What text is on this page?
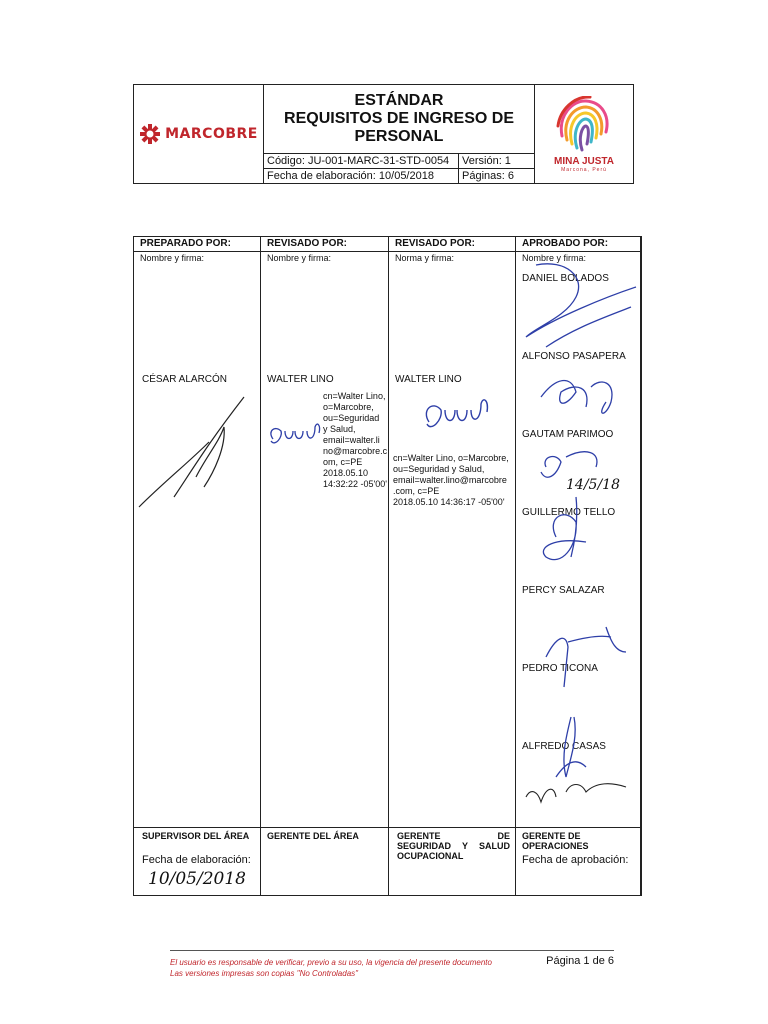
MARCOBRE
ESTÁNDAR
REQUISITOS DE INGRESO DE
PERSONAL
Código: JU-001-MARC-31-STD-0054	Versión: 1
Fecha de elaboración: 10/05/2018	Páginas: 6
MINA JUSTA
Marcona, Perú
PREPARADO POR:
Nombre y firma:
CÉSAR ALARCÓN
SUPERVISOR DEL ÁREA
Fecha de elaboración:
10/05/2018
REVISADO POR:
Nombre y firma:
WALTER LINO
cn=Walter Lino,
o=Marcobre,
ou=Seguridad
y Salud,
email=walter.li
no@marcobre.c
om, c=PE
2018.05.10
14:32:22 -05'00'
GERENTE DEL ÁREA
REVISADO POR:
Norma y firma:
WALTER LINO
cn=Walter Lino, o=Marcobre,
ou=Seguridad y Salud,
email=walter.lino@marcobre
.com, c=PE
2018.05.10 14:36:17 -05'00'
GERENTE DE SEGURIDAD Y SALUD OCUPACIONAL
APROBADO POR:
Nombre y firma:
DANIEL BOLADOS
ALFONSO PASAPERA
GAUTAM PARIMOO
GUILLERMO TELLO
PERCY SALAZAR
PEDRO TICONA
ALFREDO CASAS
14/5/18
GERENTE DE OPERACIONES
Fecha de aprobación:
El usuario es responsable de verificar, previo a su uso, la vigencia del presente documento
Las versiones impresas son copias "No Controladas"
Página 1 de 6
